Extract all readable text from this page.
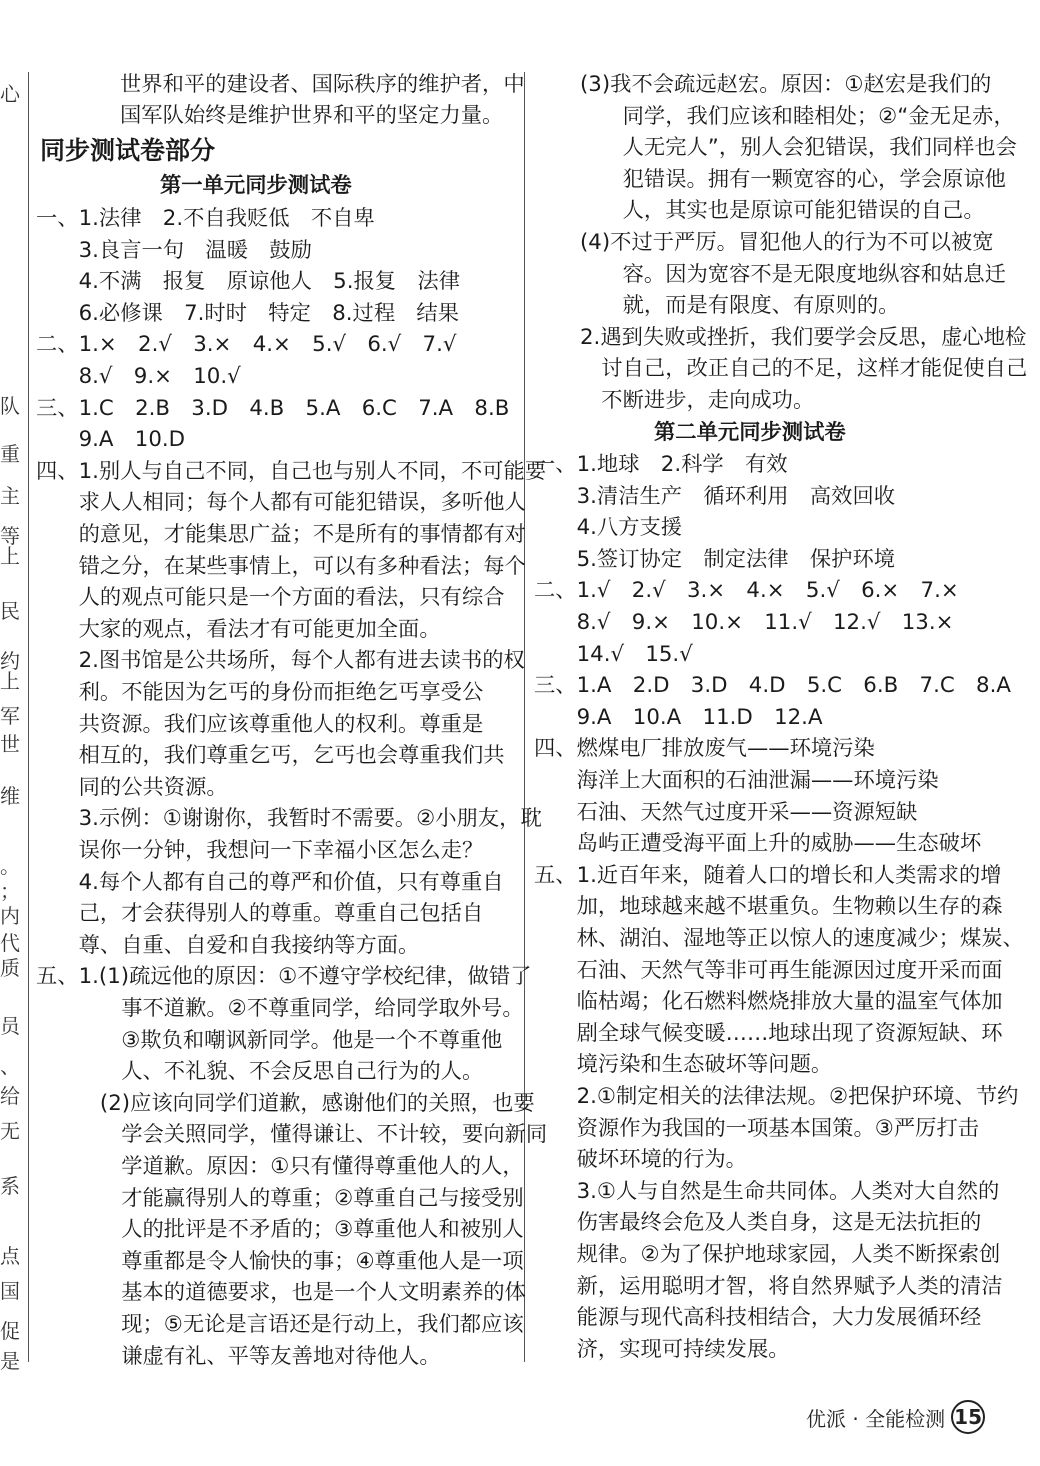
心
队
重
主
等
上
民
约
上
军
世
维
。
；
内
代
质
员
、
给
无
系
点
国
促
是
世界和平的建设者、国际秩序的维护者，中
国军队始终是维护世界和平的坚定力量。
同步测试卷部分
第一单元同步测试卷
一、1.法律　2.不自我贬低　不自卑
　　3.良言一句　温暖　鼓励
　　4.不满　报复　原谅他人　5.报复　法律
　　6.必修课　7.时时　特定　8.过程　结果
二、1.×　2.√　3.×　4.×　5.√　6.√　7.√
　　8.√　9.×　10.√
三、1.C　2.B　3.D　4.B　5.A　6.C　7.A　8.B
　　9.A　10.D
四、1.别人与自己不同，自己也与别人不同，不可能要
　　求人人相同；每个人都有可能犯错误，多听他人
　　的意见，才能集思广益；不是所有的事情都有对
　　错之分，在某些事情上，可以有多种看法；每个
　　人的观点可能只是一个方面的看法，只有综合
　　大家的观点，看法才有可能更加全面。
　　2.图书馆是公共场所，每个人都有进去读书的权
　　利。不能因为乞丐的身份而拒绝乞丐享受公
　　共资源。我们应该尊重他人的权利。尊重是
　　相互的，我们尊重乞丐，乞丐也会尊重我们共
　　同的公共资源。
　　3.示例：①谢谢你，我暂时不需要。②小朋友，耽
　　误你一分钟，我想问一下幸福小区怎么走？
　　4.每个人都有自己的尊严和价值，只有尊重自
　　己，才会获得别人的尊重。尊重自己包括自
　　尊、自重、自爱和自我接纳等方面。
五、1.(1)疏远他的原因：①不遵守学校纪律，做错了
　　　　事不道歉。②不尊重同学，给同学取外号。
　　　　③欺负和嘲讽新同学。他是一个不尊重他
　　　　人、不礼貌、不会反思自己行为的人。
　　　(2)应该向同学们道歉，感谢他们的关照，也要
　　　　学会关照同学，懂得谦让、不计较，要向新同
　　　　学道歉。原因：①只有懂得尊重他人的人，
　　　　才能赢得别人的尊重；②尊重自己与接受别
　　　　人的批评是不矛盾的；③尊重他人和被别人
　　　　尊重都是令人愉快的事；④尊重他人是一项
　　　　基本的道德要求，也是一个人文明素养的体
　　　　现；⑤无论是言语还是行动上，我们都应该
　　　　谦虚有礼、平等友善地对待他人。
(3)我不会疏远赵宏。原因：①赵宏是我们的
　　同学，我们应该和睦相处；②“金无足赤，
　　人无完人”，别人会犯错误，我们同样也会
　　犯错误。拥有一颗宽容的心，学会原谅他
　　人，其实也是原谅可能犯错误的自己。
(4)不过于严厉。冒犯他人的行为不可以被宽
　　容。因为宽容不是无限度地纵容和姑息迁
　　就，而是有限度、有原则的。
2.遇到失败或挫折，我们要学会反思，虚心地检
　讨自己，改正自己的不足，这样才能促使自己
　不断进步，走向成功。
第二单元同步测试卷
一、1.地球　2.科学　有效
　　3.清洁生产　循环利用　高效回收
　　4.八方支援
　　5.签订协定　制定法律　保护环境
二、1.√　2.√　3.×　4.×　5.√　6.×　7.×
　　8.√　9.×　10.×　11.√　12.√　13.×
　　14.√　15.√
三、1.A　2.D　3.D　4.D　5.C　6.B　7.C　8.A
　　9.A　10.A　11.D　12.A
四、燃煤电厂排放废气——环境污染
　　海洋上大面积的石油泄漏——环境污染
　　石油、天然气过度开采——资源短缺
　　岛屿正遭受海平面上升的威胁——生态破坏
五、1.近百年来，随着人口的增长和人类需求的增
　　加，地球越来越不堪重负。生物赖以生存的森
　　林、湖泊、湿地等正以惊人的速度减少；煤炭、
　　石油、天然气等非可再生能源因过度开采而面
　　临枯竭；化石燃料燃烧排放大量的温室气体加
　　剧全球气候变暖……地球出现了资源短缺、环
　　境污染和生态破坏等问题。
　　2.①制定相关的法律法规。②把保护环境、节约
　　资源作为我国的一项基本国策。③严厉打击
　　破坏环境的行为。
　　3.①人与自然是生命共同体。人类对大自然的
　　伤害最终会危及人类自身，这是无法抗拒的
　　规律。②为了保护地球家园，人类不断探索创
　　新，运用聪明才智，将自然界赋予人类的清洁
　　能源与现代高科技相结合，大力发展循环经
　　济，实现可持续发展。
优派 · 全能检测 15
